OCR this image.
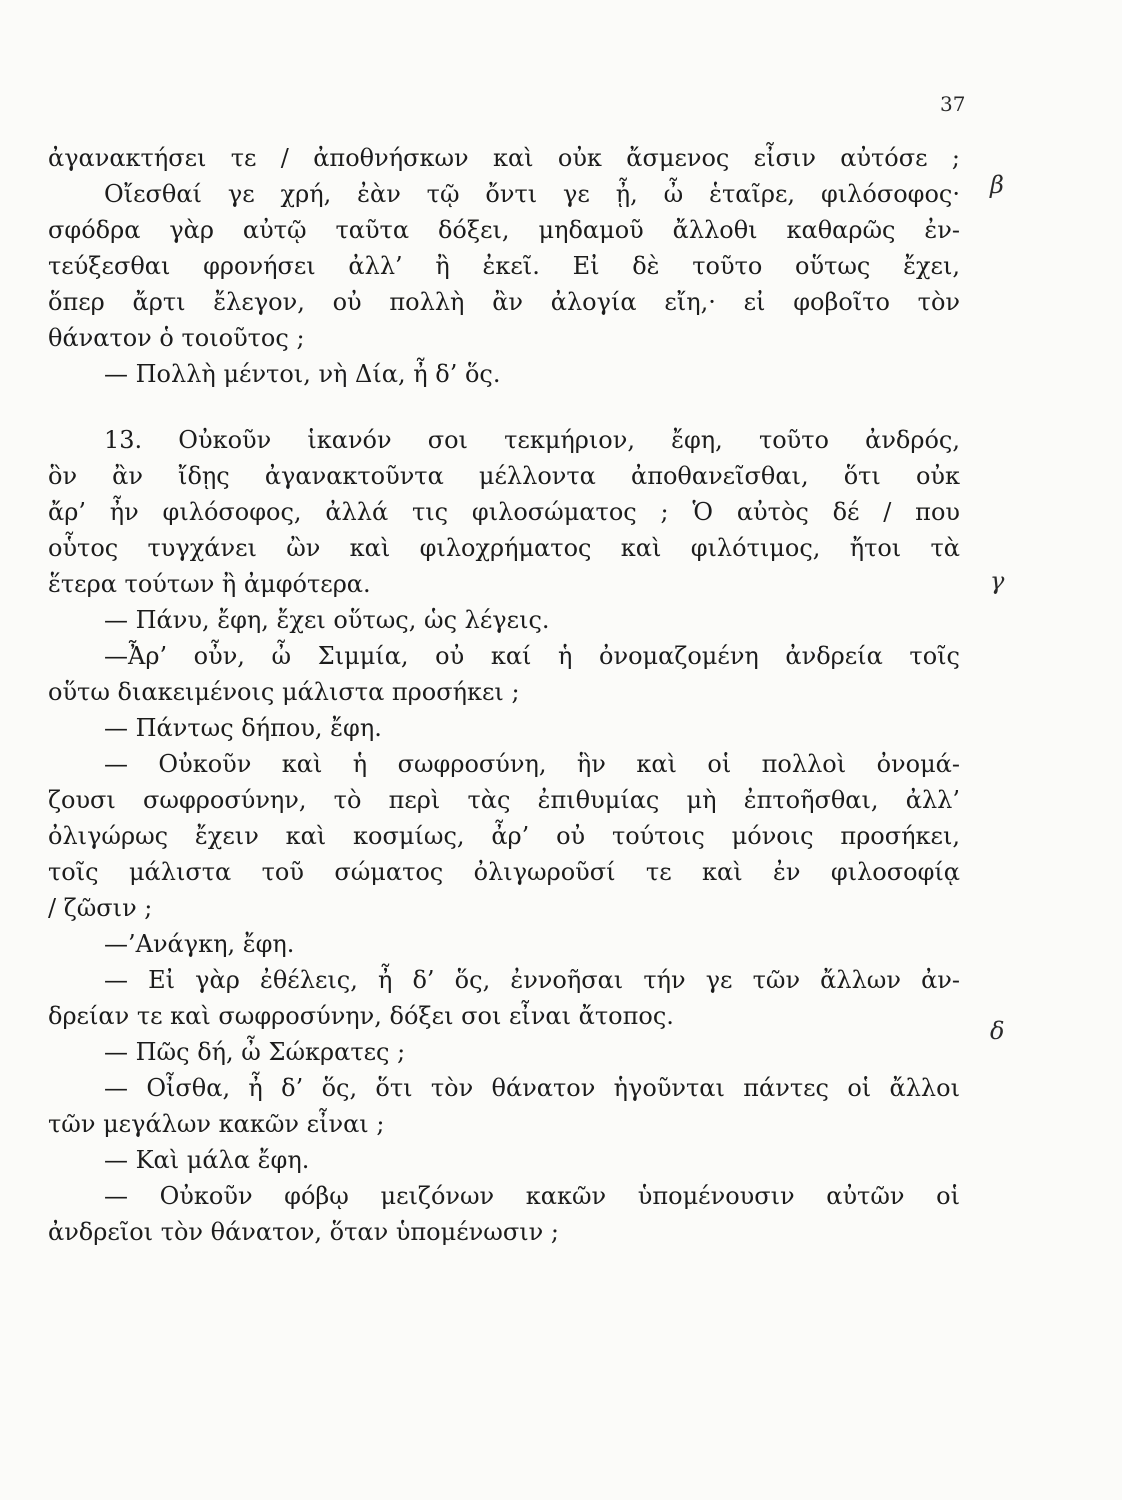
37
β
γ
δ
ἀγανακτήσει τε / ἀποθνήσκων καὶ οὐκ ἄσμενος εἶσιν αὐτόσε ;
Οἴεσθαί γε χρή, ἐὰν τῷ ὄντι γε ᾖ, ὦ ἑταῖρε, φιλόσοφος·
σφόδρα γὰρ αὐτῷ ταῦτα δόξει, μηδαμοῦ ἄλλοθι καθαρῶς ἐν-
τεύξεσθαι φρονήσει ἀλλ’ ἢ ἐκεῖ. Εἰ δὲ τοῦτο οὕτως ἔχει,
ὅπερ ἄρτι ἔλεγον, οὐ πολλὴ ἂν ἀλογία εἴη,· εἰ φοβοῖτο τὸν
θάνατον ὁ τοιοῦτος ;
— Πολλὴ μέντοι, νὴ Δία, ἦ δ’ ὅς.
13. Οὐκοῦν ἱκανόν σοι τεκμήριον, ἔφη, τοῦτο ἀνδρός,
ὃν ἂν ἴδῃς ἀγανακτοῦντα μέλλοντα ἀποθανεῖσθαι, ὅτι οὐκ
ἄρ’ ἦν φιλόσοφος, ἀλλά τις φιλοσώματος ; Ὁ αὐτὸς δέ / που
οὗτος τυγχάνει ὢν καὶ φιλοχρήματος καὶ φιλότιμος, ἤτοι τὰ
ἕτερα τούτων ἢ ἀμφότερα.
— Πάνυ, ἔφη, ἔχει οὕτως, ὡς λέγεις.
—Ἆρ’ οὖν, ὦ Σιμμία, οὐ καί ἡ ὀνομαζομένη ἀνδρεία τοῖς
οὕτω διακειμένοις μάλιστα προσήκει ;
— Πάντως δήπου, ἔφη.
— Οὐκοῦν καὶ ἡ σωφροσύνη, ἣν καὶ οἱ πολλοὶ ὀνομά-
ζουσι σωφροσύνην, τὸ περὶ τὰς ἐπιθυμίας μὴ ἐπτοῆσθαι, ἀλλ’
ὀλιγώρως ἔχειν καὶ κοσμίως, ἆρ’ οὐ τούτοις μόνοις προσήκει,
τοῖς μάλιστα τοῦ σώματος ὀλιγωροῦσί τε καὶ ἐν φιλοσοφίᾳ
/ ζῶσιν ;
—’Ανάγκη, ἔφη.
— Εἰ γὰρ ἐθέλεις, ἦ δ’ ὅς, ἐννοῆσαι τήν γε τῶν ἄλλων ἀν-
δρείαν τε καὶ σωφροσύνην, δόξει σοι εἶναι ἄτοπος.
— Πῶς δή, ὦ Σώκρατες ;
— Οἶσθα, ἦ δ’ ὅς, ὅτι τὸν θάνατον ἡγοῦνται πάντες οἱ ἄλλοι
τῶν μεγάλων κακῶν εἶναι ;
— Καὶ μάλα ἔφη.
— Οὐκοῦν φόβῳ μειζόνων κακῶν ὑπομένουσιν αὐτῶν οἱ
ἀνδρεῖοι τὸν θάνατον, ὅταν ὑπομένωσιν ;
